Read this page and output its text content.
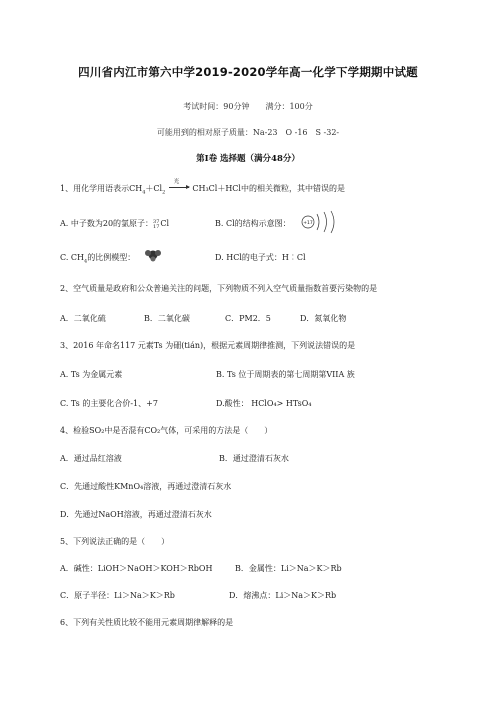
四川省内江市第六中学2019-2020学年高一化学下学期期中试题
考试时间：90分钟　　满分：100分
可能用到的相对原子质量：Na-23　O -16　S -32-
第Ⅰ卷 选择题（满分48分）
1、用化学用语表示$CH_4+Cl_2$
光
CH₃Cl＋HCl中的相关微粒，其中错误的是
A. 中子数为20的氯原子：37
17Cl	B. Cl的结构示意图：	+17
C. $CH_4$的比例模型：	D. HCl的电子式：H︰Cl
2、空气质量是政府和公众普遍关注的问题，下列物质不列入空气质量指数首要污染物的是
A．二氧化硫	B．二氧化碳	C．PM2．5	D．氮氧化物
3、2016 年命名117 元素Ts 为鿬(tián)，根据元素周期律推测，下列说法错误的是
A. Ts 为金属元素	B. Ts 位于周期表的第七周期第VIIA 族
C. Ts 的主要化合价-1、+7	D.酸性： HClO₄> HTsO₄
4、检验SO₂中是否混有CO₂气体，可采用的方法是（　　）
A．通过品红溶液	B．通过澄清石灰水
C．先通过酸性KMnO₄溶液，再通过澄清石灰水
D．先通过NaOH溶液，再通过澄清石灰水
5、下列说法正确的是（　　）
A．碱性：LiOH＞NaOH＞KOH＞RbOH	B．金属性：Li＞Na＞K＞Rb
C．原子半径：Li＞Na＞K＞Rb	D．熔沸点：Li＞Na＞K＞Rb
6、下列有关性质比较不能用元素周期律解释的是
